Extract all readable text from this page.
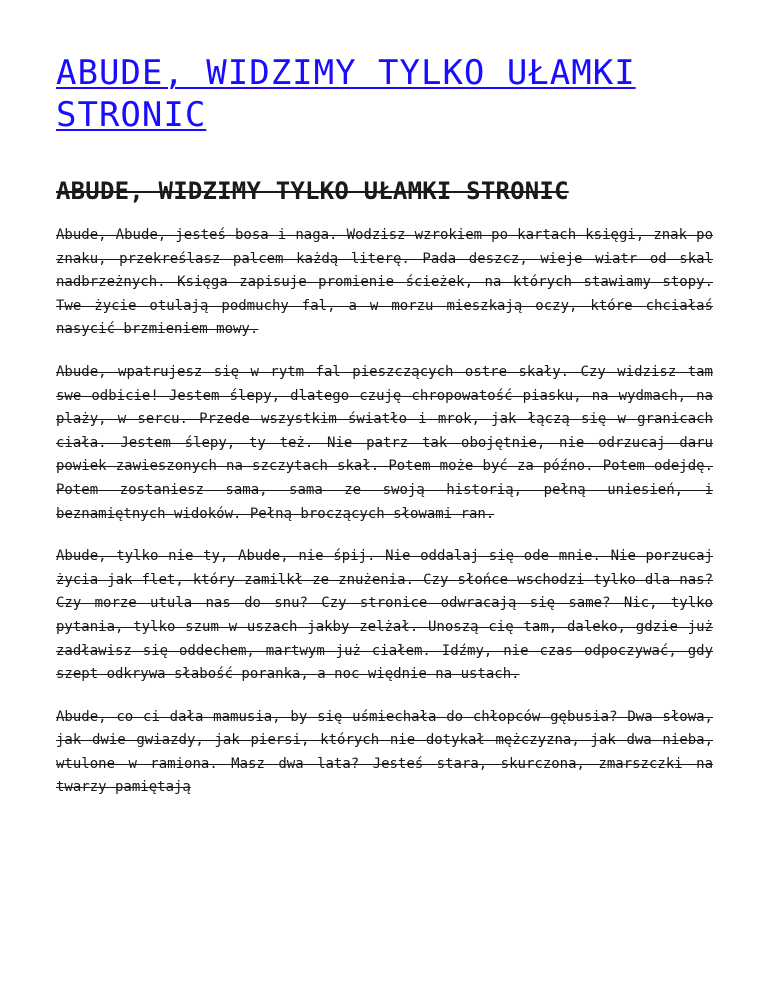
ABUDE, WIDZIMY TYLKO UŁAMKI STRONIC
ABUDE, WIDZIMY TYLKO UŁAMKI STRONIC

Abude, Abude, jesteś bosa i naga. Wodzisz wzrokiem po kartach księgi, znak po znaku, przekreślasz palcem każdą literę. Pada deszcz, wieje wiatr od skal nadbrzeżnych. Księga zapisuje promienie ścieżek, na których stawiamy stopy. Twe życie otulają podmuchy fal, a w morzu mieszkają oczy, które chciałaś nasycić brzmieniem mowy.

Abude, wpatrujesz się w rytm fal pieszczących ostre skały. Czy widzisz tam swe odbicie! Jestem ślepy, dlatego czuję chropowatość piasku, na wydmach, na plaży, w sercu. Przede wszystkim światło i mrok, jak łączą się w granicach ciała. Jestem ślepy, ty też. Nie patrz tak obojętnie, nie odrzucaj daru powiek zawieszonych na szczytach skał. Potem może być za późno. Potem odejdę. Potem zostaniesz sama, sama ze swoją historią, pełną uniesień, i beznamiętnych widoków. Pełną broczących słowami ran.

Abude, tylko nie ty, Abude, nie śpij. Nie oddalaj się ode mnie. Nie porzucaj życia jak flet, który zamilkł ze znużenia. Czy słońce wschodzi tylko dla nas? Czy morze utula nas do snu? Czy stronice odwracają się same? Nic, tylko pytania, tylko szum w uszach jakby zelżał. Unoszą cię tam, daleko, gdzie już zadławisz się oddechem, martwym już ciałem. Idźmy, nie czas odpoczywać, gdy szept odkrywa słabość poranka, a noc więdnie na ustach.

Abude, co ci dała mamusia, by się uśmiechała do chłopców gębusia? Dwa słowa, jak dwie gwiazdy, jak piersi, których nie dotykał mężczyzna, jak dwa nieba, wtulone w ramiona. Masz dwa lata? Jesteś stara, skurczona, zmarszczki na twarzy pamiętają
